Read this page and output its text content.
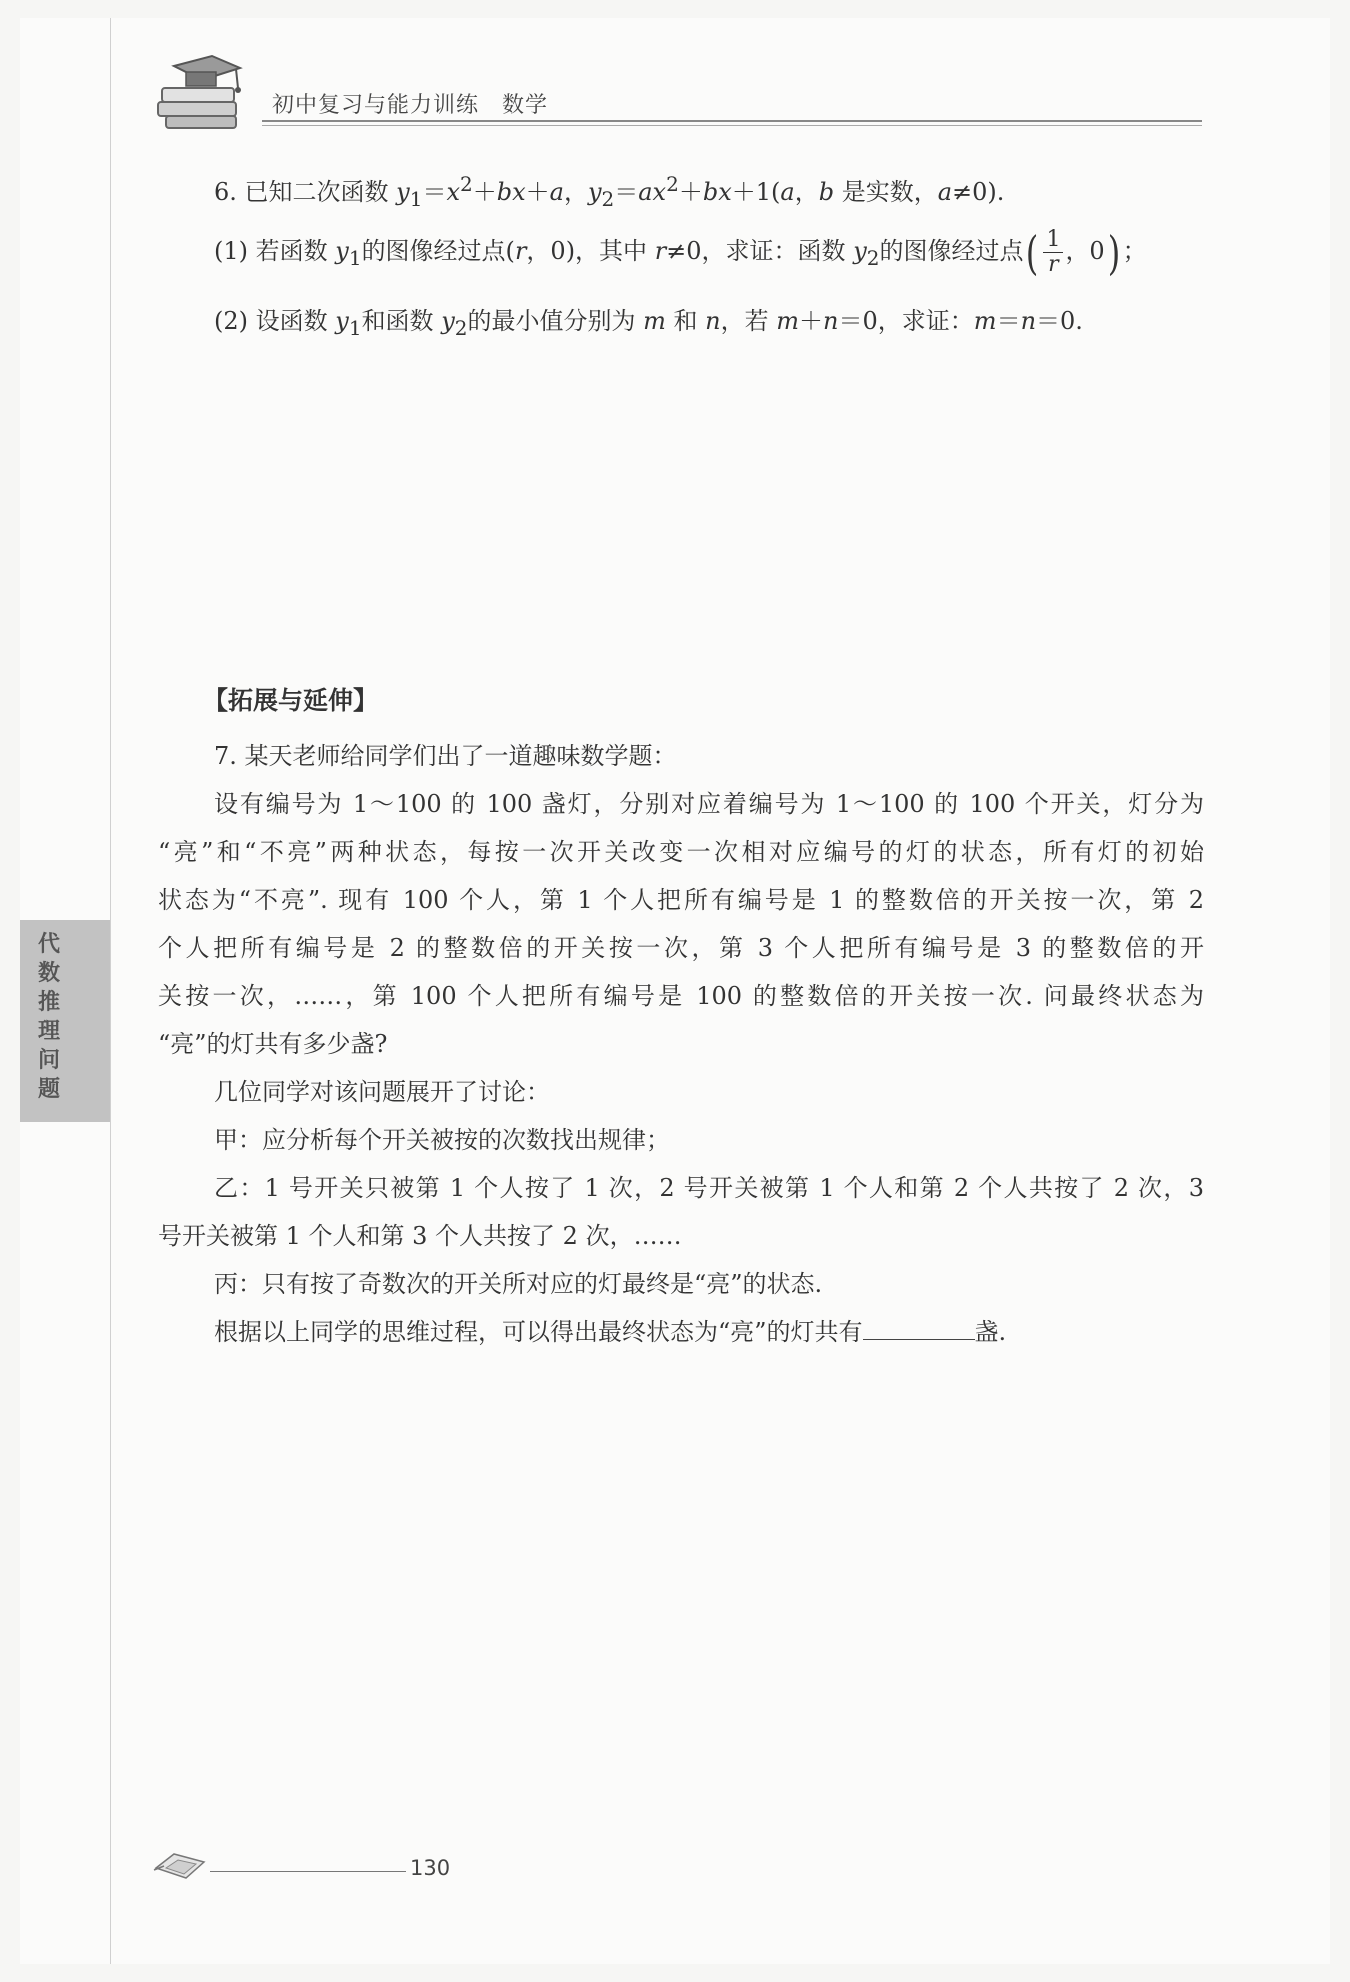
初中复习与能力训练　数学
代数推理问题
6. 已知二次函数 $y_1=x^2+bx+a$，$y_2=ax^2+bx+1(a$，b 是实数，a≠0).
(1) 若函数 $y_1$的图像经过点(r，0)，其中 r≠0，求证：函数 $y_2$的图像经过点( $\frac{1}{r}$ ，0) ；
(2) 设函数 $y_1$和函数 $y_2$的最小值分别为 m 和 n，若 m＋n＝0，求证：m＝n＝0.
【拓展与延伸】
7. 某天老师给同学们出了一道趣味数学题：
设有编号为 1～100 的 100 盏灯，分别对应着编号为 1～100 的 100 个开关，灯分为
“亮”和“不亮”两种状态，每按一次开关改变一次相对应编号的灯的状态，所有灯的初始
状态为“不亮”. 现有 100 个人，第 1 个人把所有编号是 1 的整数倍的开关按一次，第 2
个人把所有编号是 2 的整数倍的开关按一次，第 3 个人把所有编号是 3 的整数倍的开
关按一次，……，第 100 个人把所有编号是 100 的整数倍的开关按一次. 问最终状态为
“亮”的灯共有多少盏?
几位同学对该问题展开了讨论：
甲：应分析每个开关被按的次数找出规律；
乙：1 号开关只被第 1 个人按了 1 次，2 号开关被第 1 个人和第 2 个人共按了 2 次，3
号开关被第 1 个人和第 3 个人共按了 2 次，……
丙：只有按了奇数次的开关所对应的灯最终是“亮”的状态.
根据以上同学的思维过程，可以得出最终状态为“亮”的灯共有	盏.
130
